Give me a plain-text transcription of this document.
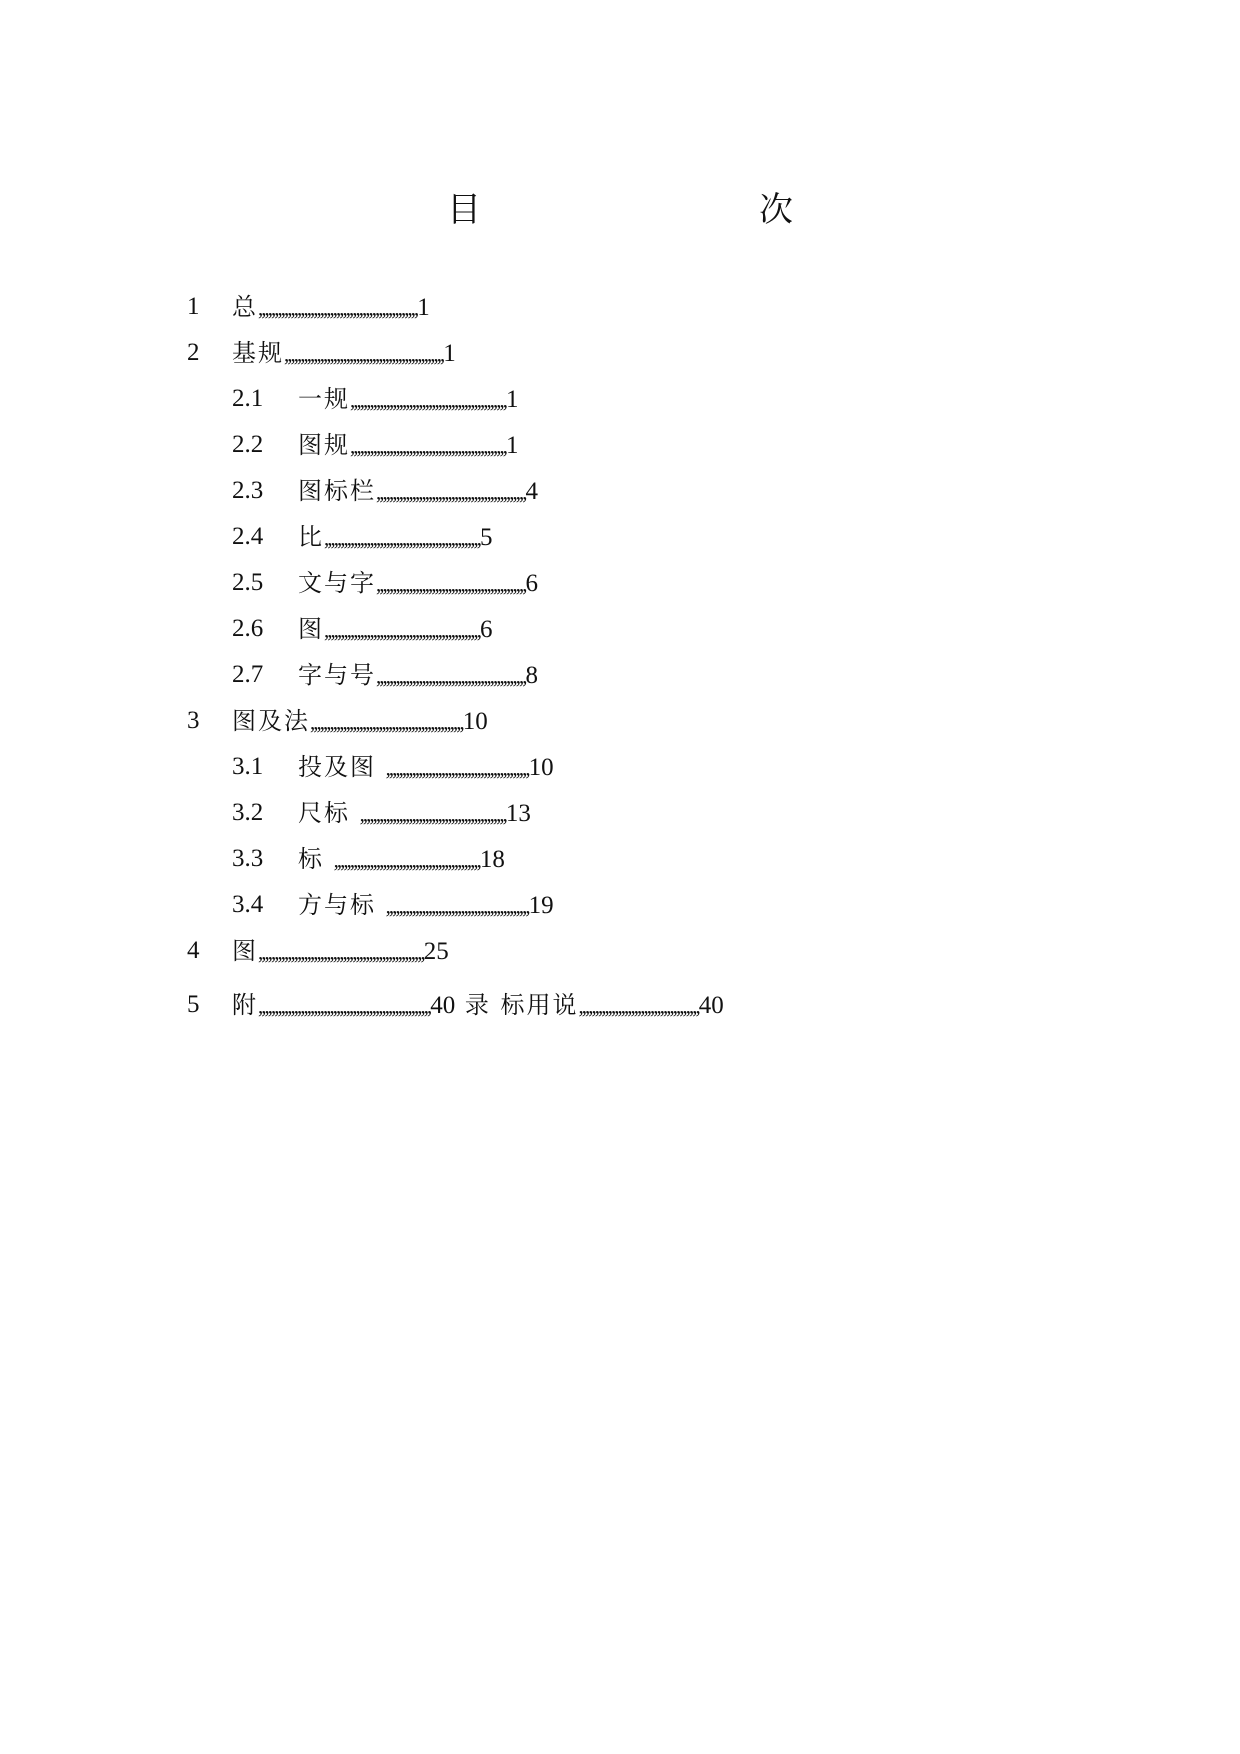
目　　次
1 总,,,,,,,,,,,,,,,,,,,,,,,,,,,,,,,,,,,,,,,,,,,,,,,,,1
2 基规,,,,,,,,,,,,,,,,,,,,,,,,,,,,,,,,,,,,,,,,,,,,,,,,,1
2.1 一规,,,,,,,,,,,,,,,,,,,,,,,,,,,,,,,,,,,,,,,,,,,,,,,,1
2.2 图规,,,,,,,,,,,,,,,,,,,,,,,,,,,,,,,,,,,,,,,,,,,,,,,,1
2.3 图标栏,,,,,,,,,,,,,,,,,,,,,,,,,,,,,,,,,,,,,,,,,,,,,,4
2.4 比,,,,,,,,,,,,,,,,,,,,,,,,,,,,,,,,,,,,,,,,,,,,,,,,5
2.5 文与字,,,,,,,,,,,,,,,,,,,,,,,,,,,,,,,,,,,,,,,,,,,,,,6
2.6 图,,,,,,,,,,,,,,,,,,,,,,,,,,,,,,,,,,,,,,,,,,,,,,,,6
2.7 字与号,,,,,,,,,,,,,,,,,,,,,,,,,,,,,,,,,,,,,,,,,,,,,,8
3 图及法,,,,,,,,,,,,,,,,,,,,,,,,,,,,,,,,,,,,,,,,,,,,,,,10
3.1 投及图 ,,,,,,,,,,,,,,,,,,,,,,,,,,,,,,,,,,,,,,,,,,,,10
3.2 尺标 ,,,,,,,,,,,,,,,,,,,,,,,,,,,,,,,,,,,,,,,,,,,,,13
3.3 标 ,,,,,,,,,,,,,,,,,,,,,,,,,,,,,,,,,,,,,,,,,,,,,18
3.4 方与标 ,,,,,,,,,,,,,,,,,,,,,,,,,,,,,,,,,,,,,,,,,,,,19
4 图,,,,,,,,,,,,,,,,,,,,,,,,,,,,,,,,,,,,,,,,,,,,,,,,,,,25
5 附,,,,,,,,,,,,,,,,,,,,,,,,,,,,,,,,,,,,,,,,,,,,,,,,,,,,,40 录 标用说,,,,,,,,,,,,,,,,,,,,,,,,,,,,,,,,,,,,,40
